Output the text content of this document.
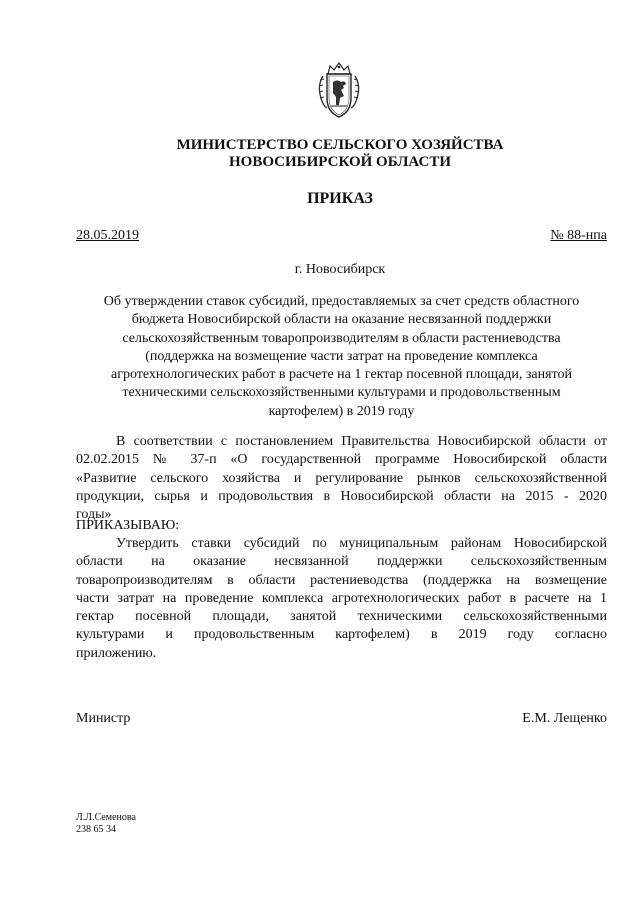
МИНИСТЕРСТВО СЕЛЬСКОГО ХОЗЯЙСТВА
НОВОСИБИРСКОЙ ОБЛАСТИ
ПРИКАЗ
28.05.2019	№ 88-нпа
г. Новосибирск
Об утверждении ставок субсидий, предоставляемых за счет средств областного
бюджета Новосибирской области на оказание несвязанной поддержки
сельскохозяйственным товаропроизводителям в области растениеводства
(поддержка на возмещение части затрат на проведение комплекса
агротехнологических работ в расчете на 1 гектар посевной площади, занятой
техническими сельскохозяйственными культурами и продовольственным
картофелем) в 2019 году
В соответствии с постановлением Правительства Новосибирской области от
02.02.2015 № 37-п «О государственной программе Новосибирской области
«Развитие сельского хозяйства и регулирование рынков сельскохозяйственной
продукции, сырья и продовольствия в Новосибирской области на 2015 - 2020
годы»
ПРИКАЗЫВАЮ:
Утвердить ставки субсидий по муниципальным районам Новосибирской
области на оказание несвязанной поддержки сельскохозяйственным
товаропроизводителям в области растениеводства (поддержка на возмещение
части затрат на проведение комплекса агротехнологических работ в расчете на 1
гектар посевной площади, занятой техническими сельскохозяйственными
культурами и продовольственным картофелем) в 2019 году согласно
приложению.
Министр	Е.М. Лещенко
Л.Л.Семенова
238 65 34
